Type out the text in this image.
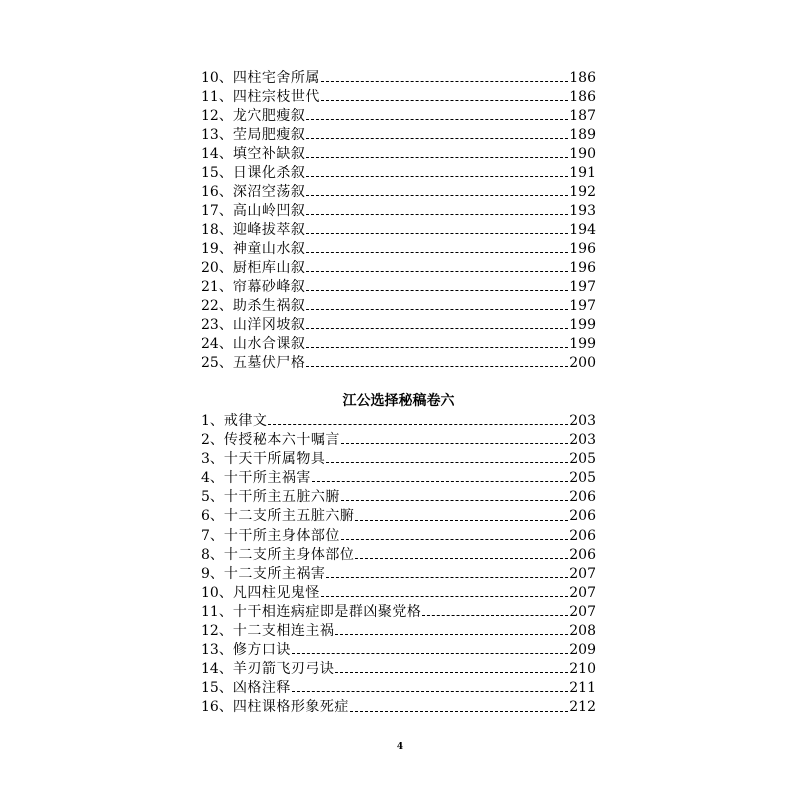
10、 四柱宅舍所属	186
11、 四柱宗枝世代	186
12、 龙穴肥瘦叙	187
13、 茔局肥瘦叙	189
14、 填空补缺叙	190
15、 日课化杀叙	191
16、 深沼空荡叙	192
17、 高山岭凹叙	193
18、 迎峰拔萃叙	194
19、 神童山水叙	196
20、 厨柜库山叙	196
21、 帘幕砂峰叙	197
22、 助杀生祸叙	197
23、 山洋冈坡叙	199
24、 山水合课叙	199
25、 五墓伏尸格	200
江公选择秘稿卷六
1、 戒律文	203
2、 传授秘本六十嘱言	203
3、 十天干所属物具	205
4、 十干所主祸害	205
5、 十干所主五脏六腑	206
6、 十二支所主五脏六腑	206
7、 十干所主身体部位	206
8、 十二支所主身体部位	206
9、 十二支所主祸害	207
10、 凡四柱见鬼怪	207
11、 十干相连病症即是群凶聚党格	207
12、 十二支相连主祸	208
13、 修方口诀	209
14、 羊刃箭飞刃弓诀	210
15、 凶格注释	211
16、 四柱课格形象死症	212
4
